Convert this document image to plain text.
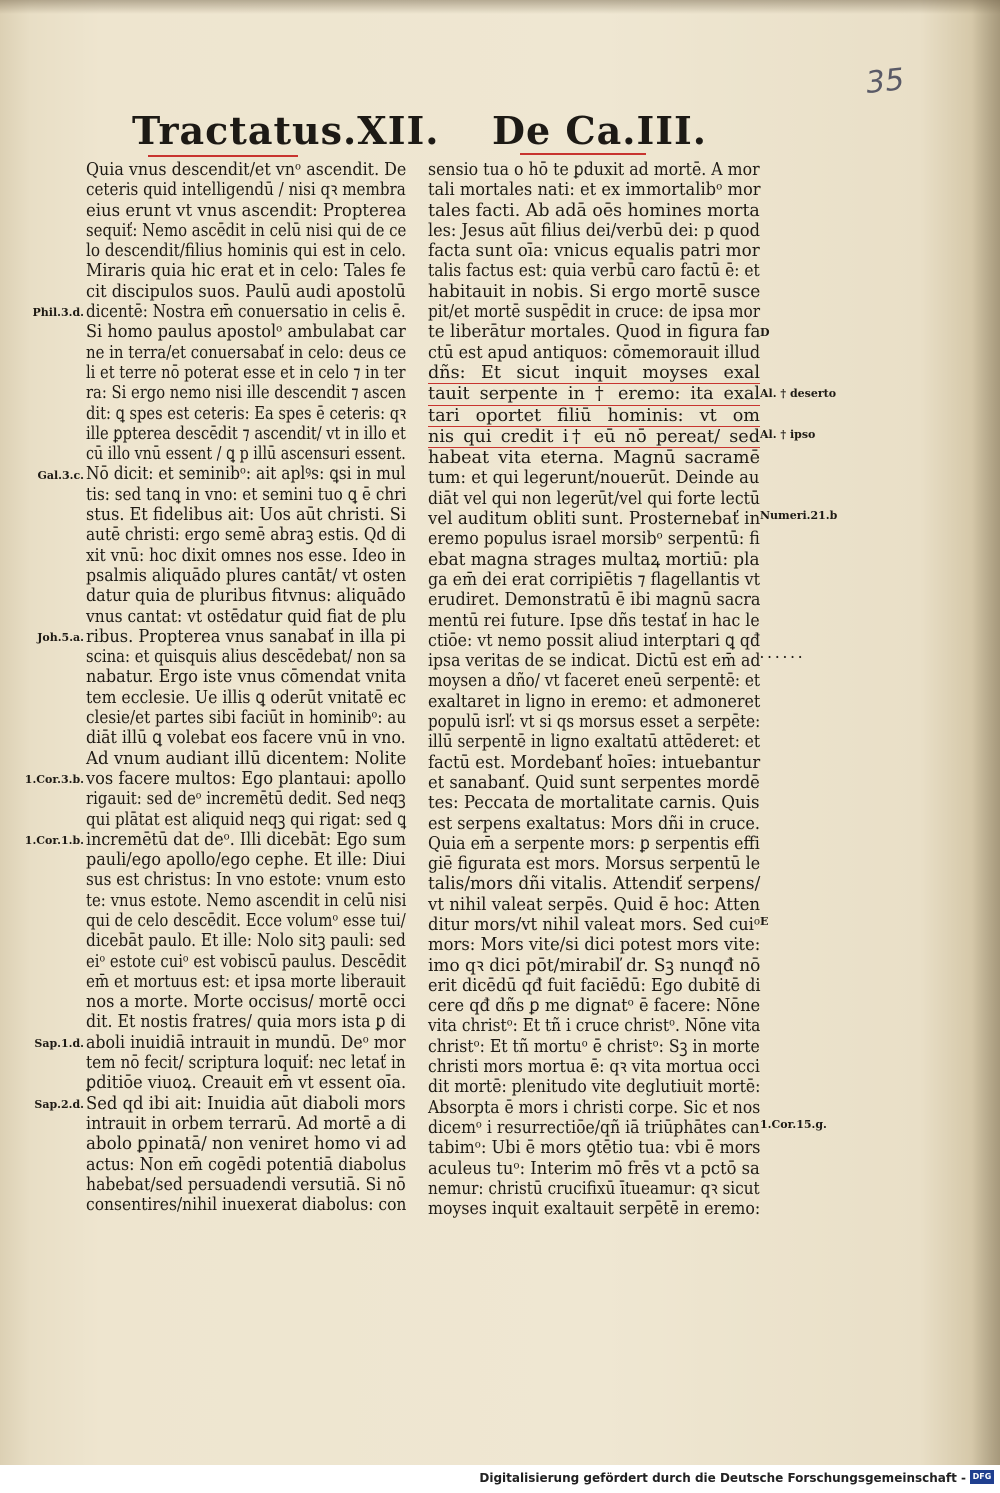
35
Tractatus.XII. De Ca.III.
Quia vnus descendit/et vnᵒ ascendit. De
ceteris quid intelligendū / nisi qꝛ membra
eius erunt vt vnus ascendit: Propterea
sequiť: Nemo ascēdit in celū nisi qui de ce
lo descendit/filius hominis qui est in celo.
Miraris quia hic erat et in celo: Tales fe
cit discipulos suos. Paulū audi apostolū
dicentē: Nostra em̄ conuersatio in celis ē.
Si homo paulus apostolᵒ ambulabat car
ne in terra/et conuersabať in celo: deus ce
li et terre nō poterat esse et in celo ⁊ in ter
ra: Si ergo nemo nisi ille descendit ⁊ ascen
dit: ꝗ spes est ceteris: Ea spes ē ceteris: qꝛ
ille ꝑpterea descēdit ⁊ ascendit/ vt in illo et
cū illo vnū essent / ꝗ p illū ascensuri essent.
Nō dicit: et seminibᵒ: ait aplꝰs: ꝗsi in mul
tis: sed tanꝗ in vno: et semini tuo ꝗ ē chri
stus. Et fidelibus ait: Uos aūt christi. Si
autē christi: ergo semē abraꝫ estis. Qd di
xit vnū: hoc dixit omnes nos esse. Ideo in
psalmis aliquādo plures cantāt/ vt osten
datur quia de pluribus fitvnus: aliquādo
vnus cantat: vt ostēdatur quid fiat de plu
ribus. Propterea vnus sanabať in illa pi
scina: et quisquis alius descēdebat/ non sa
nabatur. Ergo iste vnus cōmendat vnita
tem ecclesie. Ue illis ꝗ oderūt vnitatē ec
clesie/et partes sibi faciūt in hominibᵒ: au
diāt illū ꝗ volebat eos facere vnū in vno.
Ad vnum audiant illū dicentem: Nolite
vos facere multos: Ego plantaui: apollo
rigauit: sed deᵒ incremētū dedit. Sed neqꝫ
qui plātat est aliquid neqꝫ qui rigat: sed ꝗ
incremētū dat deᵒ. Illi dicebāt: Ego sum
pauli/ego apollo/ego cephe. Et ille: Diui
sus est christus: In vno estote: vnum esto
te: vnus estote. Nemo ascendit in celū nisi
qui de celo descēdit. Ecce volumᵒ esse tui/
dicebāt paulo. Et ille: Nolo sitꝫ pauli: sed
eiᵒ estote cuiᵒ est vobiscū paulus. Descēdit
em̄ et mortuus est: et ipsa morte liberauit
nos a morte. Morte occisus/ mortē occi
dit. Et nostis fratres/ quia mors ista ꝑ di
aboli inuidiā intrauit in mundū. Deᵒ mor
tem nō fecit/ scriptura loquiť: nec letať in
ꝑditiōe viuoꝝ. Creauit em̄ vt essent oīa.
Sed qd ibi ait: Inuidia aūt diaboli mors
intrauit in orbem terrarū. Ad mortē a di
abolo ꝑpinatā/ non veniret homo vi ad
actus: Non em̄ cogēdi potentiā diabolus
habebat/sed persuadendi versutiā. Si nō
consentires/nihil inuexerat diabolus: con
sensio tua o hō te ꝑduxit ad mortē. A mor
tali mortales nati: et ex immortalibᵒ mor
tales facti. Ab adā oēs homines morta
les: Jesus aūt filius dei/verbū dei: p quod
facta sunt oīa: vnicus equalis patri mor
talis factus est: quia verbū caro factū ē: et
habitauit in nobis. Si ergo mortē susce
pit/et mortē suspēdit in cruce: de ipsa mor
te liberātur mortales. Quod in figura fa
ctū est apud antiquos: cōmemorauit illud
dñs: Et sicut inquit moyses exal
tauit serpente in † eremo: ita exal
tari oportet filiū hominis: vt om
nis qui credit i† eū nō pereat/ sed
habeat vita eterna. Magnū sacramē
tum: et qui legerunt/nouerūt. Deinde au
diāt vel qui non legerūt/vel qui forte lectū
vel auditum obliti sunt. Prosternebať in
eremo populus israel morsibᵒ serpentū: fi
ebat magna strages multaꝝ mortiū: pla
ga em̄ dei erat corripiētis ⁊ flagellantis vt
erudiret. Demonstratū ē ibi magnū sacra
mentū rei future. Ipse dñs testať in hac le
ctiōe: vt nemo possit aliud interptari ꝗ qđ
ipsa veritas de se indicat. Dictū est em̄ ad
moysen a dño/ vt faceret eneū serpentē: et
exaltaret in ligno in eremo: et admoneret
populū isrľ: vt si qs morsus esset a serpēte:
illū serpentē in ligno exaltatū attēderet: et
factū est. Mordebanť hoīes: intuebantur
et sanabanť. Quid sunt serpentes mordē
tes: Peccata de mortalitate carnis. Quis
est serpens exaltatus: Mors dñi in cruce.
Quia em̄ a serpente mors: ꝑ serpentis effi
giē figurata est mors. Morsus serpentū le
talis/mors dñi vitalis. Attendiť serpens/
vt nihil valeat serpēs. Quid ē hoc: Atten
ditur mors/vt nihil valeat mors. Sed cuiᵒ
mors: Mors vite/si dici potest mors vite:
imo qꝛ dici pōt/mirabiľ dr. Sꝫ nunqđ nō
erit dicēdū qđ fuit faciēdū: Ego dubitē di
cere qđ dñs ꝑ me dignatᵒ ē facere: Nōne
vita christᵒ: Et tñ i cruce christᵒ. Nōne vita
christᵒ: Et tñ mortuᵒ ē christᵒ: Sꝫ in morte
christi mors mortua ē: qꝛ vita mortua occi
dit mortē: plenitudo vite deglutiuit mortē:
Absorpta ē mors i christi corpe. Sic et nos
dicemᵒ i resurrectiōe/qñ iā triūphātes can
tabimᵒ: Ubi ē mors ꝯtētio tua: vbi ē mors
aculeus tuᵒ: Interim mō frēs vt a pctō sa
nemur: christū crucifixū ītueamur: qꝛ sicut
moyses inquit exaltauit serpētē in eremo:
Phil.3.d.
Gal.3.c.
Joh.5.a.
1.Cor.3.b.
1.Cor.1.b.
Sap.1.d.
Sap.2.d.
D
Al. † deserto
Al. † ipso
Numeri.21.b
· · · · · ·
E
1.Cor.15.g.
Digitalisierung gefördert durch die Deutsche Forschungsgemeinschaft - DFG
